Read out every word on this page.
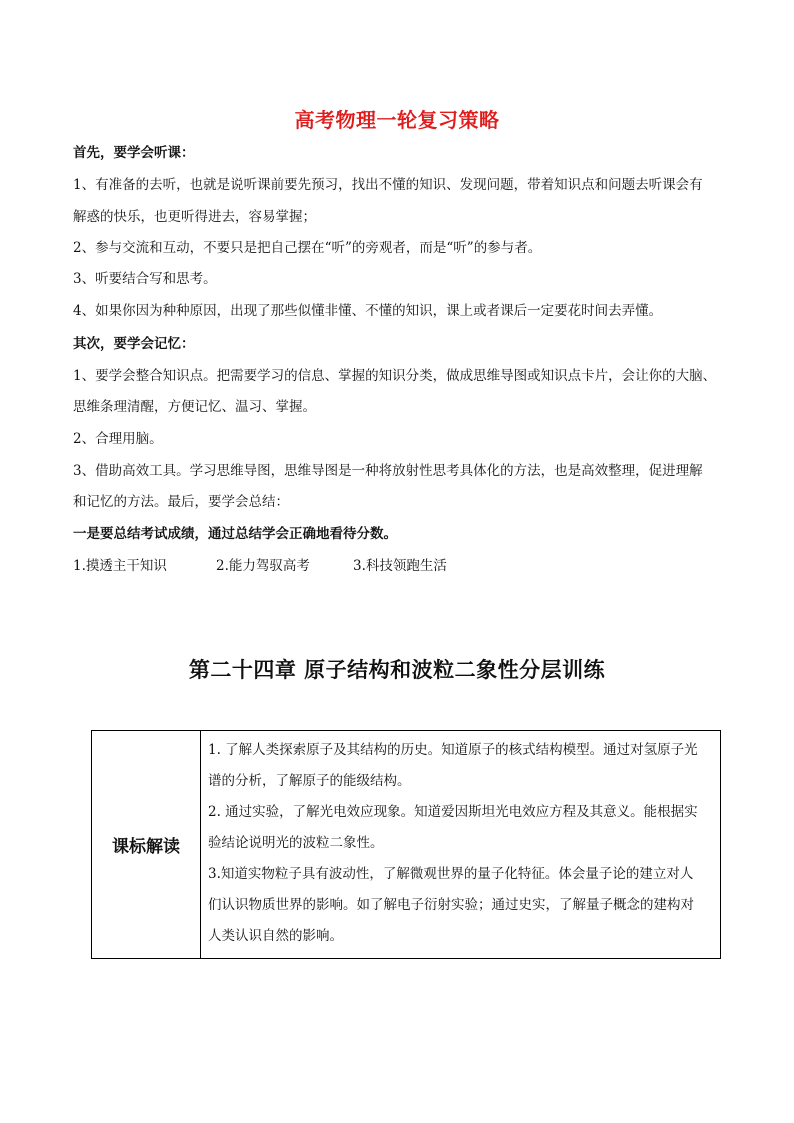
高考物理一轮复习策略
首先，要学会听课：
1、有准备的去听，也就是说听课前要先预习，找出不懂的知识、发现问题，带着知识点和问题去听课会有
解惑的快乐，也更听得进去，容易掌握；
2、参与交流和互动，不要只是把自己摆在“听”的旁观者，而是“听”的参与者。
3、听要结合写和思考。
4、如果你因为种种原因，出现了那些似懂非懂、不懂的知识，课上或者课后一定要花时间去弄懂。
其次，要学会记忆：
1、要学会整合知识点。把需要学习的信息、掌握的知识分类，做成思维导图或知识点卡片，会让你的大脑、
思维条理清醒，方便记忆、温习、掌握。
2、合理用脑。
3、借助高效工具。学习思维导图，思维导图是一种将放射性思考具体化的方法，也是高效整理，促进理解
和记忆的方法。最后，要学会总结：
一是要总结考试成绩，通过总结学会正确地看待分数。
1.摸透主干知识	2.能力驾驭高考	3.科技领跑生活
第二十四章 原子结构和波粒二象性分层训练
课标解读	

1. 了解人类探索原子及其结构的历史。知道原子的核式结构模型。通过对氢原子光

谱的分析，了解原子的能级结构。

2. 通过实验，了解光电效应现象。知道爱因斯坦光电效应方程及其意义。能根据实

验结论说明光的波粒二象性。

3.知道实物粒子具有波动性，了解微观世界的量子化特征。体会量子论的建立对人

们认识物质世界的影响。如了解电子衍射实验；通过史实，了解量子概念的建构对

人类认识自然的影响。
